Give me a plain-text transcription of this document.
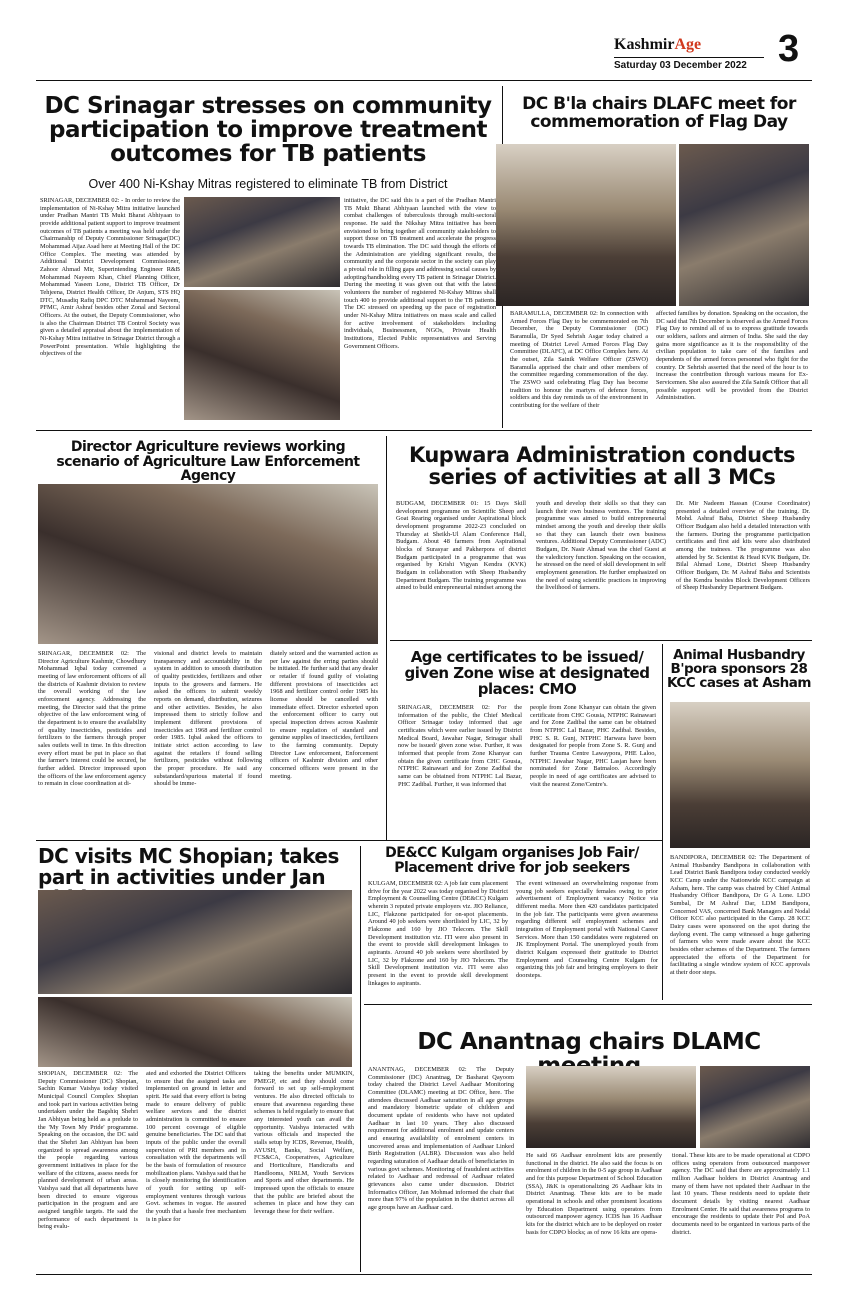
KashmirAge
Saturday 03 December 2022 3
DC Srinagar stresses on community participation to improve treatment outcomes for TB patients
Over 400 Ni-Kshay Mitras registered to eliminate TB from District
SRINAGAR, DECEMBER 02: - In order to review the implementation of Ni-Kshay Mitra initiative launched under Pradhan Mantri TB Mukt Bharat Abhiyaan to provide additional patient support to improve treatment outcomes of TB patients a meeting was held under the Chairmanship of Deputy Commissioner Srinagar(DC) Mohammad Aijaz Asad here at Meeting Hall of the DC Office Complex. The meeting was attended by Additional District Development Commissioner, Zahoor Ahmad Mir, Superintending Engineer R&B Mohammad Nayeem Khan, Chief Planning Officer, Mohammad Yaseen Lone, District TB Officer, Dr Tehjeena, District Health Officer, Dr Anjum, STS HQ DTC, Musadiq Rafiq DPC DTC Muhammad Nayeem, PFMC, Amir Ashraf besides other Zonal and Sectoral Officers. At the outset, the Deputy Commissioner, who is also the Chairman District TB Control Society was given a detailed appraisal about the implementation of Ni-Kshay Mitra initiative in Srinagar District through a PowerPoint presentation. While highlighting the objectives of the
initiative, the DC said this is a part of the Pradhan Mantri TB Mukt Bharat Abhiyaan launched with the view to combat challenges of tuberculosis through multi-sectoral response. He said the Nikshay Mitra initiative has been envisioned to bring together all community stakeholders to support those on TB treatment and accelerate the progress towards TB elimination. The DC said though the efforts of the Administration are yielding significant results, the community and the corporate sector in the society can play a pivotal role in filling gaps and addressing social causes by adopting/handholding every TB patient in Srinagar District. During the meeting it was given out that with the latest volunteers the number of registered Ni-Kshay Mitras shall touch 400 to provide additional support to the TB patients. The DC stressed on speeding up the pace of registration under Ni-Kshay Mitra initiatives on mass scale and called for active involvement of stakeholders including individuals, Businessmen, NGOs, Private Health Institutions, Elected Public representatives and Serving Government Officers.
DC B'la chairs DLAFC meet for commemoration of Flag Day
BARAMULLA, DECEMBER 02: In connection with Armed Forces Flag Day to be commemorated on 7th December, the Deputy Commissioner (DC) Baramulla, Dr Syed Sehrish Asgar today chaired a meeting of District Level Armed Forces Flag Day Committee (DLAFC), at DC Office Complex here. At the outset, Zila Sainik Welfare Officer (ZSWO) Baramulla apprised the chair and other members of the committee regarding commemoration of the day. The ZSWO said celebrating Flag Day has become tradition to honour the martyrs of defence forces, soldiers and this day reminds us of the environment in contributing for the welfare of their
affected families by donation. Speaking on the occasion, the DC said that 7th December is observed as the Armed Forces Flag Day to remind all of us to express gratitude towards our soldiers, sailors and airmen of India. She said the day gains more significance as it is the responsibility of the civilian population to take care of the families and dependents of the armed forces personnel who fight for the country. Dr Sehrish asserted that the need of the hour is to increase the contribution through various means for Ex-Servicemen. She also assured the Zila Sainik Officer that all possible support will be provided from the District Administration.
Director Agriculture reviews working scenario of Agriculture Law Enforcement Agency
SRINAGAR, DECEMBER 02: The Director Agriculture Kashmir, Chowdhury Mohammad Iqbal today convened a meeting of law enforcement officers of all the districts of Kashmir division to review the overall working of the law enforcement agency. Addressing the meeting, the Director said that the prime objective of the law enforcement wing of the department is to ensure the availability of quality insecticides, pesticides and fertilizers to the farmers through proper sales outlets well in time. In this direction every effort must be put in place so that the farmer's interest could be secured, he further added. Director impressed upon the officers of the law enforcement agency to remain in close coordination at di-
visional and district levels to maintain transparency and accountability in the system in addition to smooth distribution of quality pesticides, fertilizers and other inputs to the growers and farmers. He asked the officers to submit weekly reports on demand, distribution, seizures and other activities. Besides, he also impressed them to strictly follow and implement different provisions of insecticides act 1968 and fertilizer control order 1985. Iqbal asked the officers to initiate strict action according to law against the retailers if found selling fertilizers, pesticides without following the proper procedure. He said any substandard/spurious material if found should be imme-
diately seized and the warranted action as per law against the erring parties should be initiated. He further said that any dealer or retailer if found guilty of violating different provisions of insecticides act 1968 and fertilizer control order 1985 his license should be cancelled with immediate effect. Director exhorted upon the enforcement officer to carry out special inspection drives across Kashmir to ensure regulation of standard and genuine supplies of insecticides, fertilizers to the farming community. Deputy Director Law enforcement, Enforcement officers of Kashmir division and other concerned officers were present in the meeting.
Kupwara Administration conducts series of activities at all 3 MCs
BUDGAM, DECEMBER 01: 15 Days Skill development programme on Scientific Sheep and Goat Rearing organised under Aspirational block development programme 2022-23 concluded on Thursday at Sheikh-Ul Alam Conference Hall, Budgam. About 48 farmers from Aspirational blocks of Surasyar and Pakherpora of district Budgam participated in a programme that was organised by Krishi Vigyan Kendra (KVK) Budgam in collaboration with Sheep Husbandry Department Budgam. The training programme was aimed to build entrepreneurial mindset among the
youth and develop their skills so that they can launch their own business ventures. The training programme was aimed to build entrepreneurial mindset among the youth and develop their skills so that they can launch their own business ventures. Additional Deputy Commissioner (ADC) Budgam, Dr. Nasir Ahmad was the chief Guest at the valedictory function. Speaking on the occasion, he stressed on the need of skill development in self employment generation. He further emphasized on the need of using scientific practices in improving the livelihood of farmers.
Dr. Mir Nadeem Hassan (Course Coordinator) presented a detailed overview of the training. Dr. Mohd. Ashraf Baba, District Sheep Husbandry Officer Budgam also held a detailed interaction with the farmers. During the programme participation certificates and first aid kits were also distributed among the trainees. The programme was also attended by Sr. Scientist & Head KVK Budgam, Dr. Bilal Ahmad Lone, District Sheep Husbandry Officer Budgam, Dr. M Ashraf Baba and Scientists of the Kendra besides Block Development Officers of Sheep Husbandry Department Budgam.
Age certificates to be issued/ given Zone wise at designated places: CMO
SRINAGAR, DECEMBER 02: For the information of the public, the Chief Medical Officer Srinagar today informed that age certificates which were earlier issued by District Medical Board, Jawahar Nagar, Srinagar shall now be issued/ given zone wise. Further, it was informed that people from Zone Khanyar can obtain the given certificate from CHC Gousia, NTPHC Rainawari and for Zone Zadibal the same can be obtained from NTPHC Lal Bazar, PHC Zadibal. Further, it was informed that
people from Zone Khanyar can obtain the given certificate from CHC Gousia, NTPHC Rainawari and for Zone Zadibal the same can be obtained from NTPHC Lal Bazar, PHC Zadibal. Besides, PHC S. R. Gunj, NTPHC Harwara have been designated for people from Zone S. R. Gunj and further Trauma Centre Lawaypora, PHE Laloo, NTPHC Jawahar Nagar, PHC Lasjan have been nominated for Zone Batmaloo. Accordingly people in need of age certificates are advised to visit the nearest Zone/Centre's.
Animal Husbandry B'pora sponsors 28 KCC cases at Asham
BANDIPORA, DECEMBER 02: The Department of Animal Husbandry Bandipora in collaboration with Lead District Bank Bandipora today conducted weekly KCC Camp under the Nationwide KCC campaign at Asham, here. The camp was chaired by Chief Animal Husbandry Officer Bandipora, Dr G A Lone. LDO Sumbal, Dr M Ashraf Dar, LDM Bandipora, Concerned VAS, concerned Bank Managers and Nodal Officer KCC also participated in the Camp. 28 KCC Dairy cases were sponsored on the spot during the daylong event. The camp witnessed a huge gathering of farmers who were made aware about the KCC besides other schemes of the Department. The farmers appreciated the efforts of the Department for facilitating a single window system of KCC approvals at their door steps.
DC visits MC Shopian; takes part in activities under Jan
SHOPIAN, DECEMBER 02: The Deputy Commissioner (DC) Shopian, Sachin Kumar Vaishya today visited Municipal Council Complex Shopian and took part in various activities being undertaken under the Bagshiq Shehri Jan Abhiyan being held as a prelude to the 'My Town My Pride' programme. Speaking on the occasion, the DC said that the Shehri Jan Abhiyan has been organized to spread awareness among the people regarding various government initiatives in place for the welfare of the citizens, assess needs for planned development of urban areas. Vaishya said that all departments have been directed to ensure vigorous participation in the program and are assigned tangible targets. He said the performance of each department is being evalu-
ated and exhorted the District Officers to ensure that the assigned tasks are implemented on ground in letter and spirit. He said that every effort is being made to ensure delivery of public welfare services and the district administration is committed to ensure 100 percent coverage of eligible genuine beneficiaries. The DC said that inputs of the public under the overall supervision of PRI members and in consultation with the departments will be the basis of formulation of resource mobilization plans. Vaishya said that he is closely monitoring the identification of youth for setting up self-employment ventures through various Govt. schemes in vogue. He assured the youth that a hassle free mechanism is in place for
taking the benefits under MUMKIN, PMEGP, etc and they should come forward to set up self-employment ventures. He also directed officials to ensure that awareness regarding these schemes is held regularly to ensure that any interested youth can avail the opportunity. Vaishya interacted with various officials and inspected the stalls setup by ICDS, Revenue, Health, AYUSH, Banks, Social Welfare, FCS&CA, Cooperatives, Agriculture and Horticulture, Handicrafts and Handlooms, NRLM, Youth Services and Sports and other departments. He impressed upon the officials to ensure that the public are briefed about the schemes in place and how they can leverage these for their welfare.
DE&CC Kulgam organises Job Fair/ Placement drive for job seekers
KULGAM, DECEMBER 02: A job fair cum placement drive for the year 2022 was today organised by District Employment & Counselling Centre (DE&CC) Kulgam wherein 3 reputed private employers viz. JIO Reliance, LIC, Flakzone participated for on-spot placements. Around 40 job seekers were shortlisted by LIC, 32 by Flakzone and 160 by JIO Telecom. The Skill Development institution viz. ITI were also present in the event to provide skill development linkages to aspirants. Around 40 job seekers were shortlisted by LIC, 32 by Flakzone and 160 by JIO Telecom. The Skill Development institution viz. ITI were also present in the event to provide skill development linkages to aspirants.
The event witnessed an overwhelming response from young job seekers especially females owing to prior advertisement of Employment vacancy Notice via different media. More then 420 candidates participated in the job fair. The participants were given awareness regarding different self employment schemes and integration of Employment portal with National Career Services. More than 150 candidates were registered on JK Employment Portal. The unemployed youth from district Kulgam expressed their gratitude to District Employment and Counseling Centre Kulgam for organizing this job fair and bringing employers to their doorsteps.
DC Anantnag chairs DLAMC
ANANTNAG, DECEMBER 02: The Deputy Commissioner (DC) Anantnag, Dr Basharat Qayoom today chaired the District Level Aadhaar Monitoring Committee (DLAMC) meeting at DC Office, here. The attendees discussed Aadhaar saturation in all age groups and mandatory biometric update of children and document update of residents who have not updated Aadhaar in last 10 years. They also discussed requirement for additional enrolment and update centers and ensuring availability of enrolment centers in uncovered areas and implementation of Aadhaar Linked Birth Registration (ALBR). Discussion was also held regarding saturation of Aadhaar details of beneficiaries in various govt schemes. Monitoring of fraudulent activities related to Aadhaar and redressal of Aadhaar related grievances also came under discussion. District Informatics Officer, Jan Mohmad informed the chair that more than 97% of the population in the district across all age groups have an Aadhaar card.
He said 66 Aadhaar enrolment kits are presently functional in the district. He also said the focus is on enrolment of children in the 0-5 age group in Aadhaar and for this purpose Department of School Education (SSA), J&K is operationalizing 26 Aadhaar kits in District Anantnag. These kits are to be made operational in schools and other prominent locations by Education Department using operators from outsourced manpower agency. ICDS has 16 Aadhaar kits for the district which are to be deployed on roster basis for CDPO blocks; as of now 16 kits are opera-
tional. These kits are to be made operational at CDPO offices using operators from outsourced manpower agency. The DC said that there are approximately 1.1 million Aadhaar holders in District Anantnag and many of them have not updated their Aadhaar in the last 10 years. These residents need to update their document details by visiting nearest Aadhaar Enrolment Center. He said that awareness programs to encourage the residents to update their PoI and PoA documents need to be organized in various parts of the district.
